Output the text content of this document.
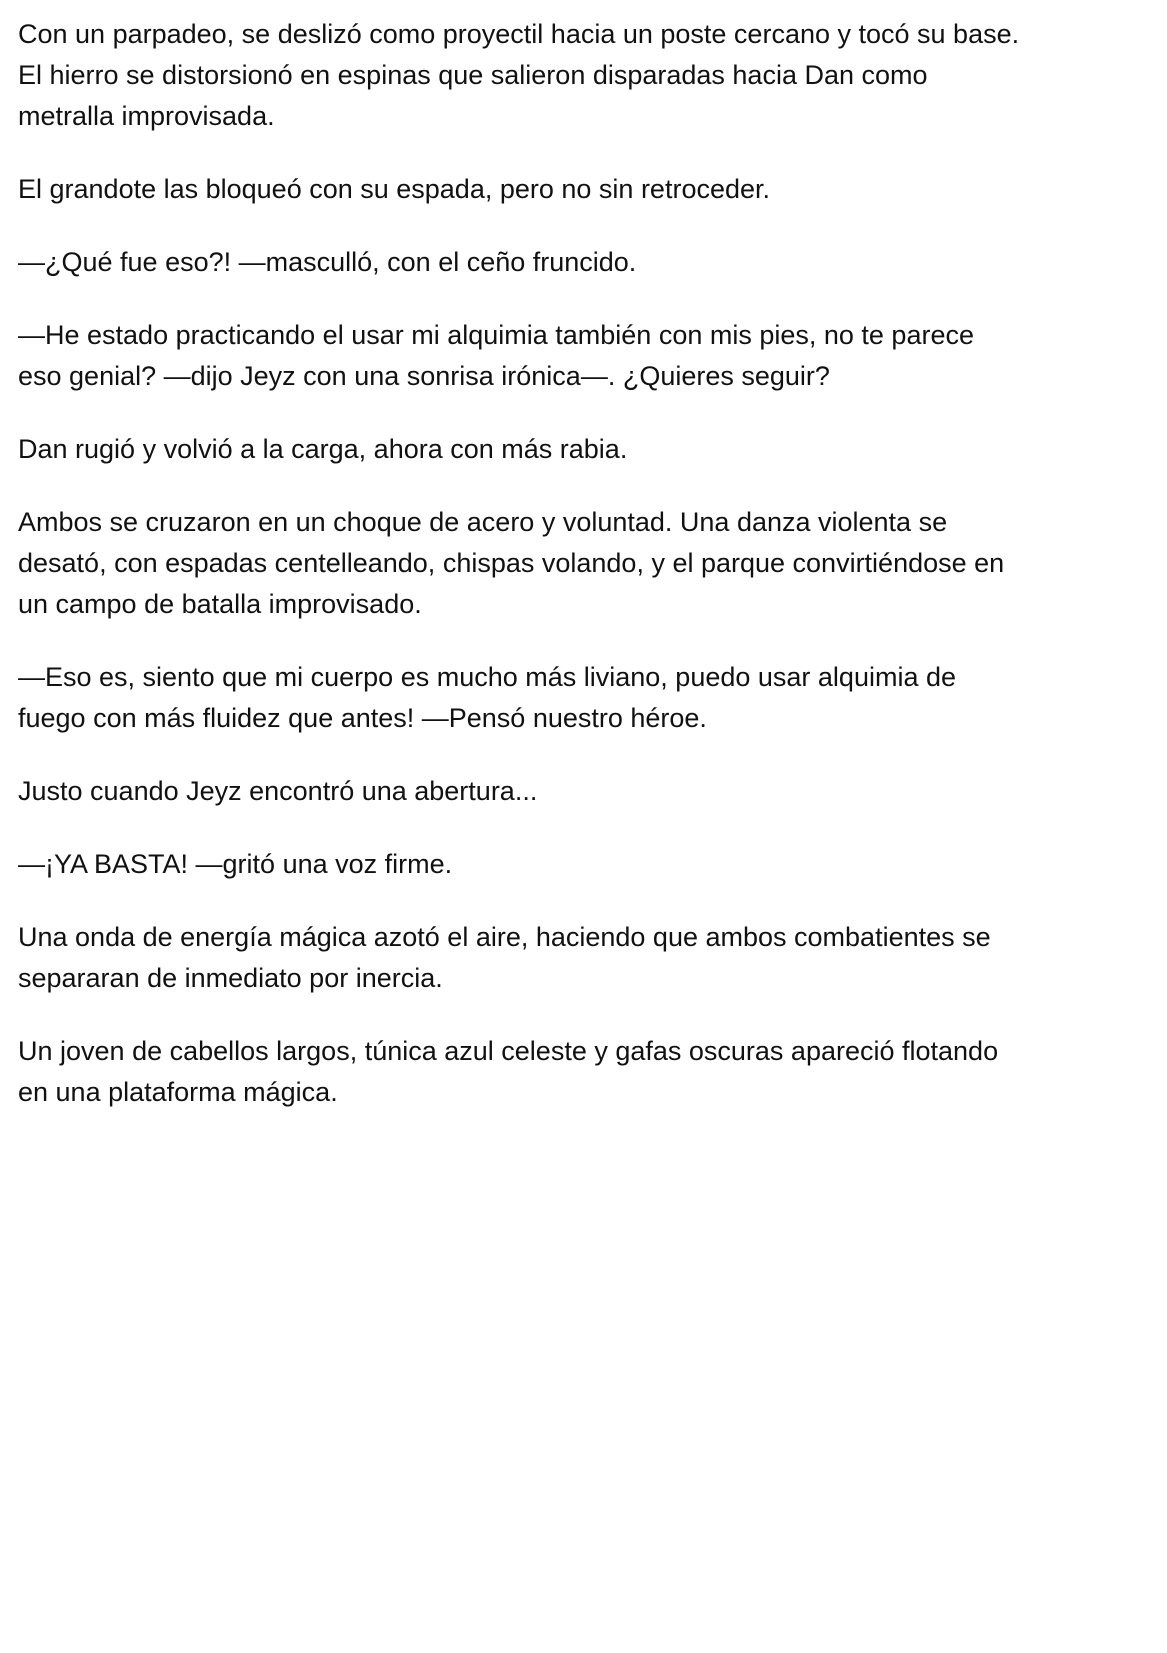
Con un parpadeo, se deslizó como proyectil hacia un poste cercano y tocó su base.
El hierro se distorsionó en espinas que salieron disparadas hacia Dan como
metralla improvisada.

El grandote las bloqueó con su espada, pero no sin retroceder.

—¿Qué fue eso?! —masculló, con el ceño fruncido.

—He estado practicando el usar mi alquimia también con mis pies, no te parece
eso genial? —dijo Jeyz con una sonrisa irónica—. ¿Quieres seguir?

Dan rugió y volvió a la carga, ahora con más rabia.

Ambos se cruzaron en un choque de acero y voluntad. Una danza violenta se
desató, con espadas centelleando, chispas volando, y el parque convirtiéndose en
un campo de batalla improvisado.

—Eso es, siento que mi cuerpo es mucho más liviano, puedo usar alquimia de
fuego con más fluidez que antes! —Pensó nuestro héroe.

Justo cuando Jeyz encontró una abertura...

—¡YA BASTA! —gritó una voz firme.

Una onda de energía mágica azotó el aire, haciendo que ambos combatientes se
separaran de inmediato por inercia.

Un joven de cabellos largos, túnica azul celeste y gafas oscuras apareció flotando
en una plataforma mágica.
